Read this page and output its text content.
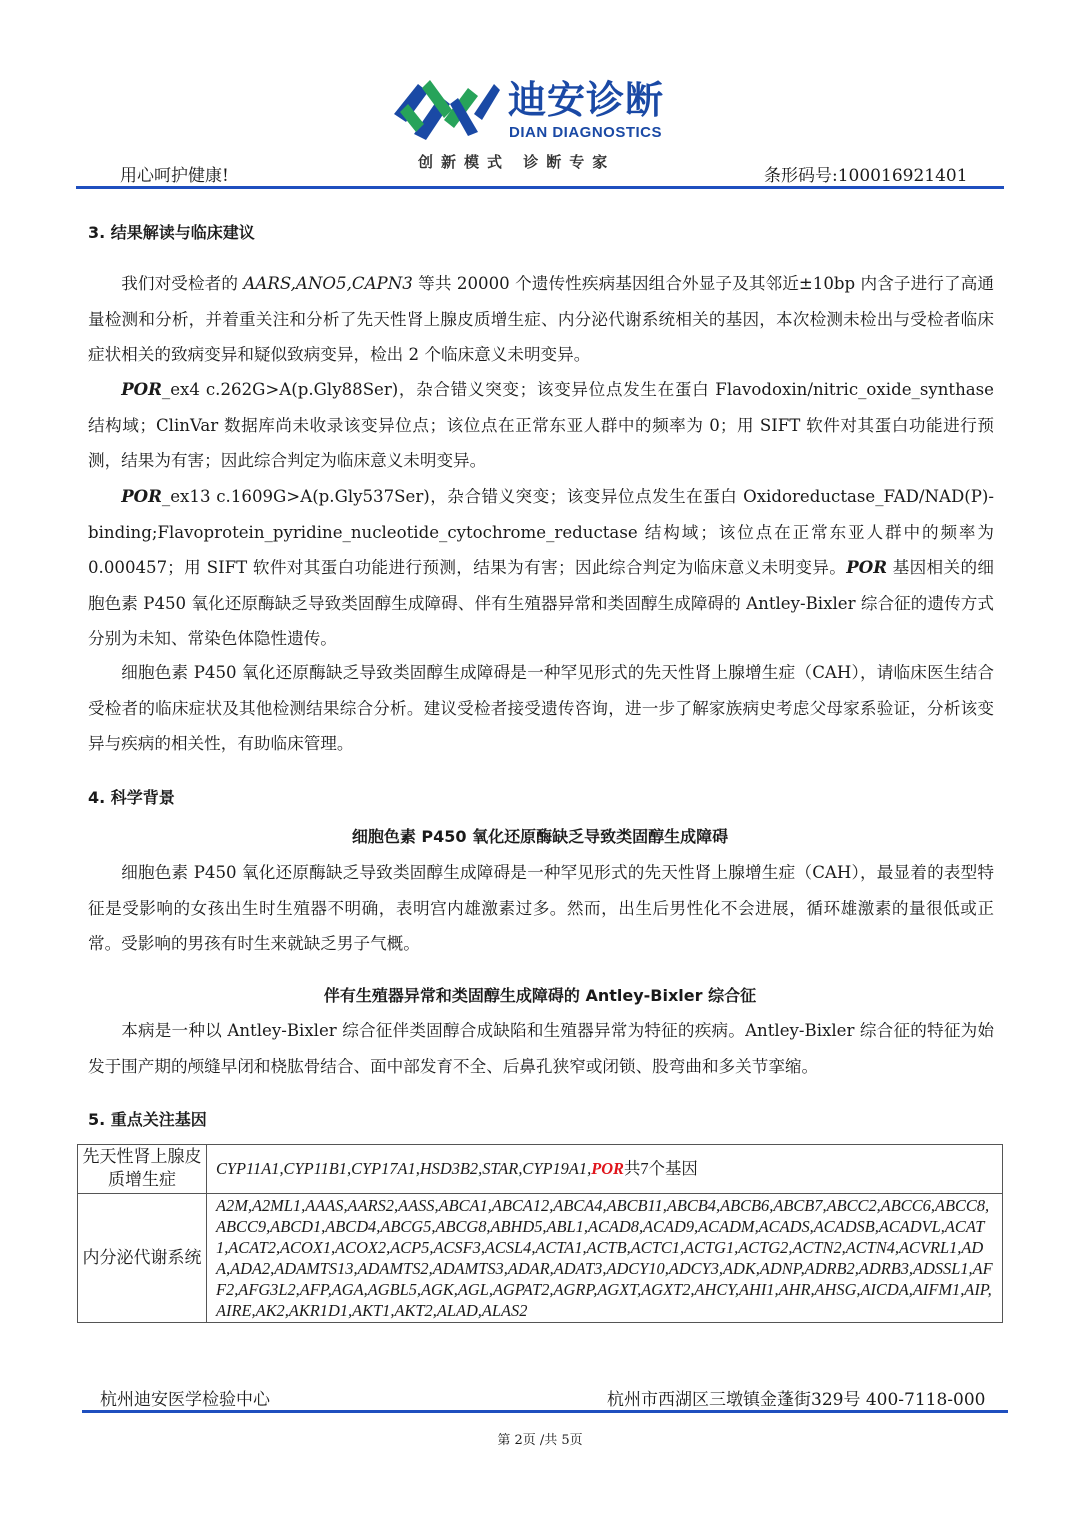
迪安诊断
DIAN DIAGNOSTICS
创新模式 诊断专家
用心呵护健康!	条形码号:100016921401
3. 结果解读与临床建议

我们对受检者的 AARS,ANO5,CAPN3 等共 20000 个遗传性疾病基因组合外显子及其邻近±10bp 内含子进行了高通量检测和分析，并着重关注和分析了先天性肾上腺皮质增生症、内分泌代谢系统相关的基因，本次检测未检出与受检者临床症状相关的致病变异和疑似致病变异，检出 2 个临床意义未明变异。

POR_ex4 c.262G>A(p.Gly88Ser)，杂合错义突变；该变异位点发生在蛋白 Flavodoxin/nitric_oxide_synthase 结构域；ClinVar 数据库尚未收录该变异位点；该位点在正常东亚人群中的频率为 0；用 SIFT 软件对其蛋白功能进行预测，结果为有害；因此综合判定为临床意义未明变异。

POR_ex13 c.1609G>A(p.Gly537Ser)，杂合错义突变；该变异位点发生在蛋白 Oxidoreductase_FAD/NAD(P)-binding;Flavoprotein_pyridine_nucleotide_cytochrome_reductase 结构域；该位点在正常东亚人群中的频率为 0.000457；用 SIFT 软件对其蛋白功能进行预测，结果为有害；因此综合判定为临床意义未明变异。POR 基因相关的细胞色素 P450 氧化还原酶缺乏导致类固醇生成障碍、伴有生殖器异常和类固醇生成障碍的 Antley-Bixler 综合征的遗传方式分别为未知、常染色体隐性遗传。

细胞色素 P450 氧化还原酶缺乏导致类固醇生成障碍是一种罕见形式的先天性肾上腺增生症（CAH），请临床医生结合受检者的临床症状及其他检测结果综合分析。建议受检者接受遗传咨询，进一步了解家族病史考虑父母家系验证，分析该变异与疾病的相关性，有助临床管理。

4. 科学背景
细胞色素 P450 氧化还原酶缺乏导致类固醇生成障碍

细胞色素 P450 氧化还原酶缺乏导致类固醇生成障碍是一种罕见形式的先天性肾上腺增生症（CAH），最显着的表型特征是受影响的女孩出生时生殖器不明确，表明宫内雄激素过多。然而，出生后男性化不会进展，循环雄激素的量很低或正常。受影响的男孩有时生来就缺乏男子气概。

伴有生殖器异常和类固醇生成障碍的 Antley-Bixler 综合征

本病是一种以 Antley-Bixler 综合征伴类固醇合成缺陷和生殖器异常为特征的疾病。Antley-Bixler 综合征的特征为始发于围产期的颅缝早闭和桡肱骨结合、面中部发育不全、后鼻孔狭窄或闭锁、股弯曲和多关节挛缩。

5. 重点关注基因
先天性肾上腺皮质增生症	CYP11A1,CYP11B1,CYP17A1,HSD3B2,STAR,CYP19A1,POR共7个基因
内分泌代谢系统	A2M,A2ML1,AAAS,AARS2,AASS,ABCA1,ABCA12,ABCA4,ABCB11,ABCB4,ABCB6,ABCB7,ABCC2,ABCC6,ABCC8,ABCC9,ABCD1,ABCD4,ABCG5,ABCG8,ABHD5,ABL1,ACAD8,ACAD9,ACADM,ACADS,ACADSB,ACADVL,ACAT1,ACAT2,ACOX1,ACOX2,ACP5,ACSF3,ACSL4,ACTA1,ACTB,ACTC1,ACTG1,ACTG2,ACTN2,ACTN4,ACVRL1,ADA,ADA2,ADAMTS13,ADAMTS2,ADAMTS3,ADAR,ADAT3,ADCY10,ADCY3,ADK,ADNP,ADRB2,ADRB3,ADSSL1,AFF2,AFG3L2,AFP,AGA,AGBL5,AGK,AGL,AGPAT2,AGRP,AGXT,AGXT2,AHCY,AHI1,AHR,AHSG,AICDA,AIFM1,AIP,AIRE,AK2,AKR1D1,AKT1,AKT2,ALAD,ALAS2
杭州迪安医学检验中心	杭州市西湖区三墩镇金蓬街329号 400-7118-000
第 2页 /共 5页
